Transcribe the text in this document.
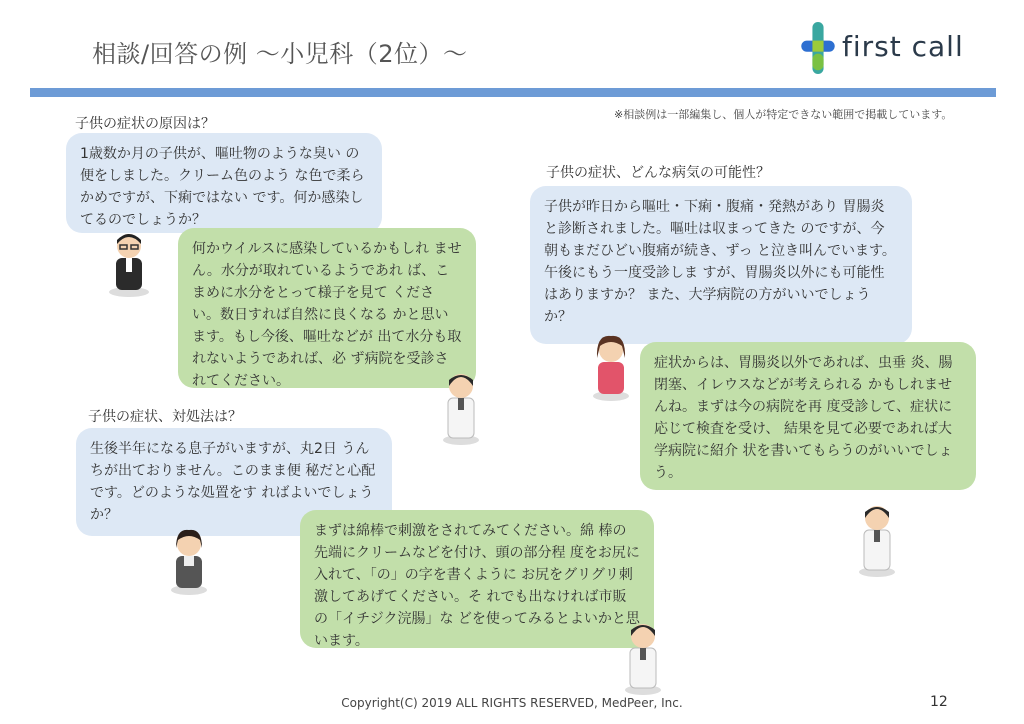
相談/回答の例 ～小児科（2位）～	first call
※相談例は一部編集し、個人が特定できない範囲で掲載しています。
子供の症状の原因は？
1歳数か月の子供が、嘔吐物のような臭い の便をしました。クリーム色のよう な色で柔らかめですが、下痢ではない です。何か感染してるのでしょうか？
何かウイルスに感染しているかもしれ ません。水分が取れているようであれ ば、こまめに水分をとって様子を見て ください。数日すれば自然に良くなる かと思います。もし今後、嘔吐などが 出て水分も取れないようであれば、必 ず病院を受診されてください。
子供の症状、対処法は？
生後半年になる息子がいますが、丸2日 うんちが出ておりません。このまま便 秘だと心配です。どのような処置をす ればよいでしょうか？
まずは綿棒で刺激をされてみてください。綿 棒の先端にクリームなどを付け、頭の部分程 度をお尻に入れて、「の」の字を書くように お尻をグリグリ刺激してあげてください。そ れでも出なければ市販の「イチジク浣腸」な どを使ってみるとよいかと思います。
子供の症状、どんな病気の可能性？
子供が昨日から嘔吐・下痢・腹痛・発熱があり 胃腸炎と診断されました。嘔吐は収まってきた のですが、今朝もまだひどい腹痛が続き、ずっ と泣き叫んでいます。午後にもう一度受診しま すが、胃腸炎以外にも可能性はありますか？ また、大学病院の方がいいでしょうか？
症状からは、胃腸炎以外であれば、虫垂 炎、腸閉塞、イレウスなどが考えられる かもしれませんね。まずは今の病院を再 度受診して、症状に応じて検査を受け、 結果を見て必要であれば大学病院に紹介 状を書いてもらうのがいいでしょう。
Copyright(C) 2019 ALL RIGHTS RESERVED, MedPeer, Inc.	12
